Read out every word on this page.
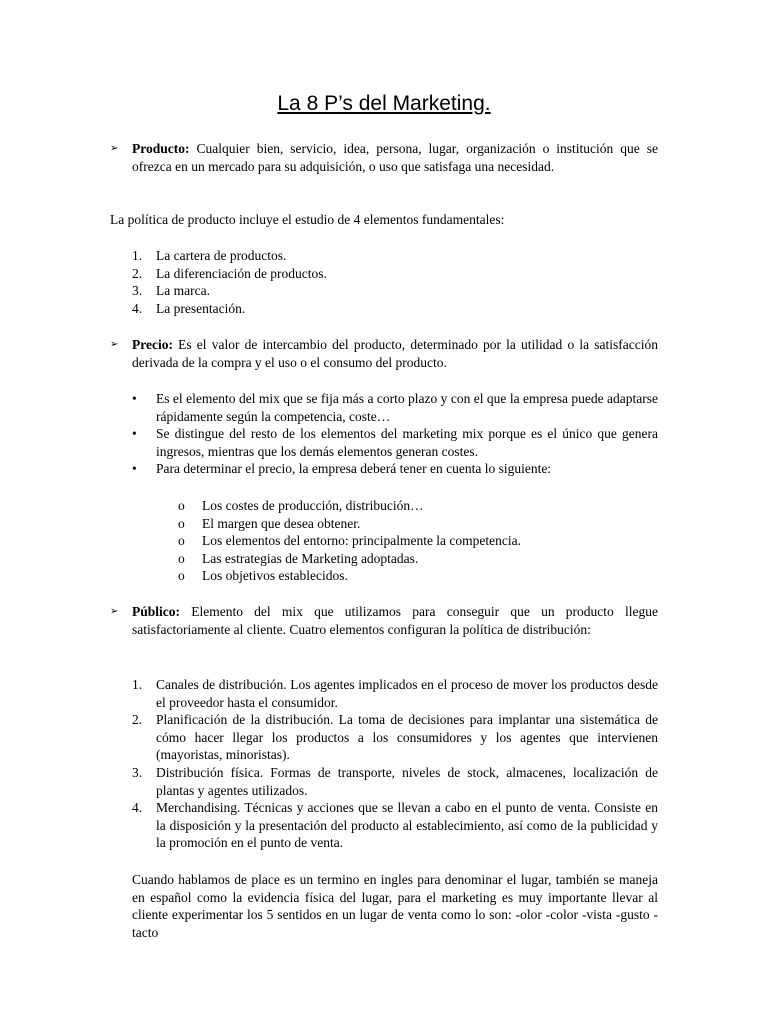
La 8 P’s del Marketing.
➢ Producto: Cualquier bien, servicio, idea, persona, lugar, organización o institución que se ofrezca en un mercado para su adquisición, o uso que satisfaga una necesidad.
La política de producto incluye el estudio de 4 elementos fundamentales:
1. La cartera de productos.
2. La diferenciación de productos.
3. La marca.
4. La presentación.
➢ Precio: Es el valor de intercambio del producto, determinado por la utilidad o la satisfacción derivada de la compra y el uso o el consumo del producto.
• Es el elemento del mix que se fija más a corto plazo y con el que la empresa puede adaptarse rápidamente según la competencia, coste…
• Se distingue del resto de los elementos del marketing mix porque es el único que genera ingresos, mientras que los demás elementos generan costes.
• Para determinar el precio, la empresa deberá tener en cuenta lo siguiente:
o Los costes de producción, distribución…
o El margen que desea obtener.
o Los elementos del entorno: principalmente la competencia.
o Las estrategias de Marketing adoptadas.
o Los objetivos establecidos.
➢ Público: Elemento del mix que utilizamos para conseguir que un producto llegue satisfactoriamente al cliente. Cuatro elementos configuran la política de distribución:
1. Canales de distribución. Los agentes implicados en el proceso de mover los productos desde el proveedor hasta el consumidor.
2. Planificación de la distribución. La toma de decisiones para implantar una sistemática de cómo hacer llegar los productos a los consumidores y los agentes que intervienen (mayoristas, minoristas).
3. Distribución física. Formas de transporte, niveles de stock, almacenes, localización de plantas y agentes utilizados.
4. Merchandising. Técnicas y acciones que se llevan a cabo en el punto de venta. Consiste en la disposición y la presentación del producto al establecimiento, así como de la publicidad y la promoción en el punto de venta.
Cuando hablamos de place es un termino en ingles para denominar el lugar, también se maneja en español como la evidencia física del lugar, para el marketing es muy importante llevar al cliente experimentar los 5 sentidos en un lugar de venta como lo son: -olor -color -vista -gusto -tacto
